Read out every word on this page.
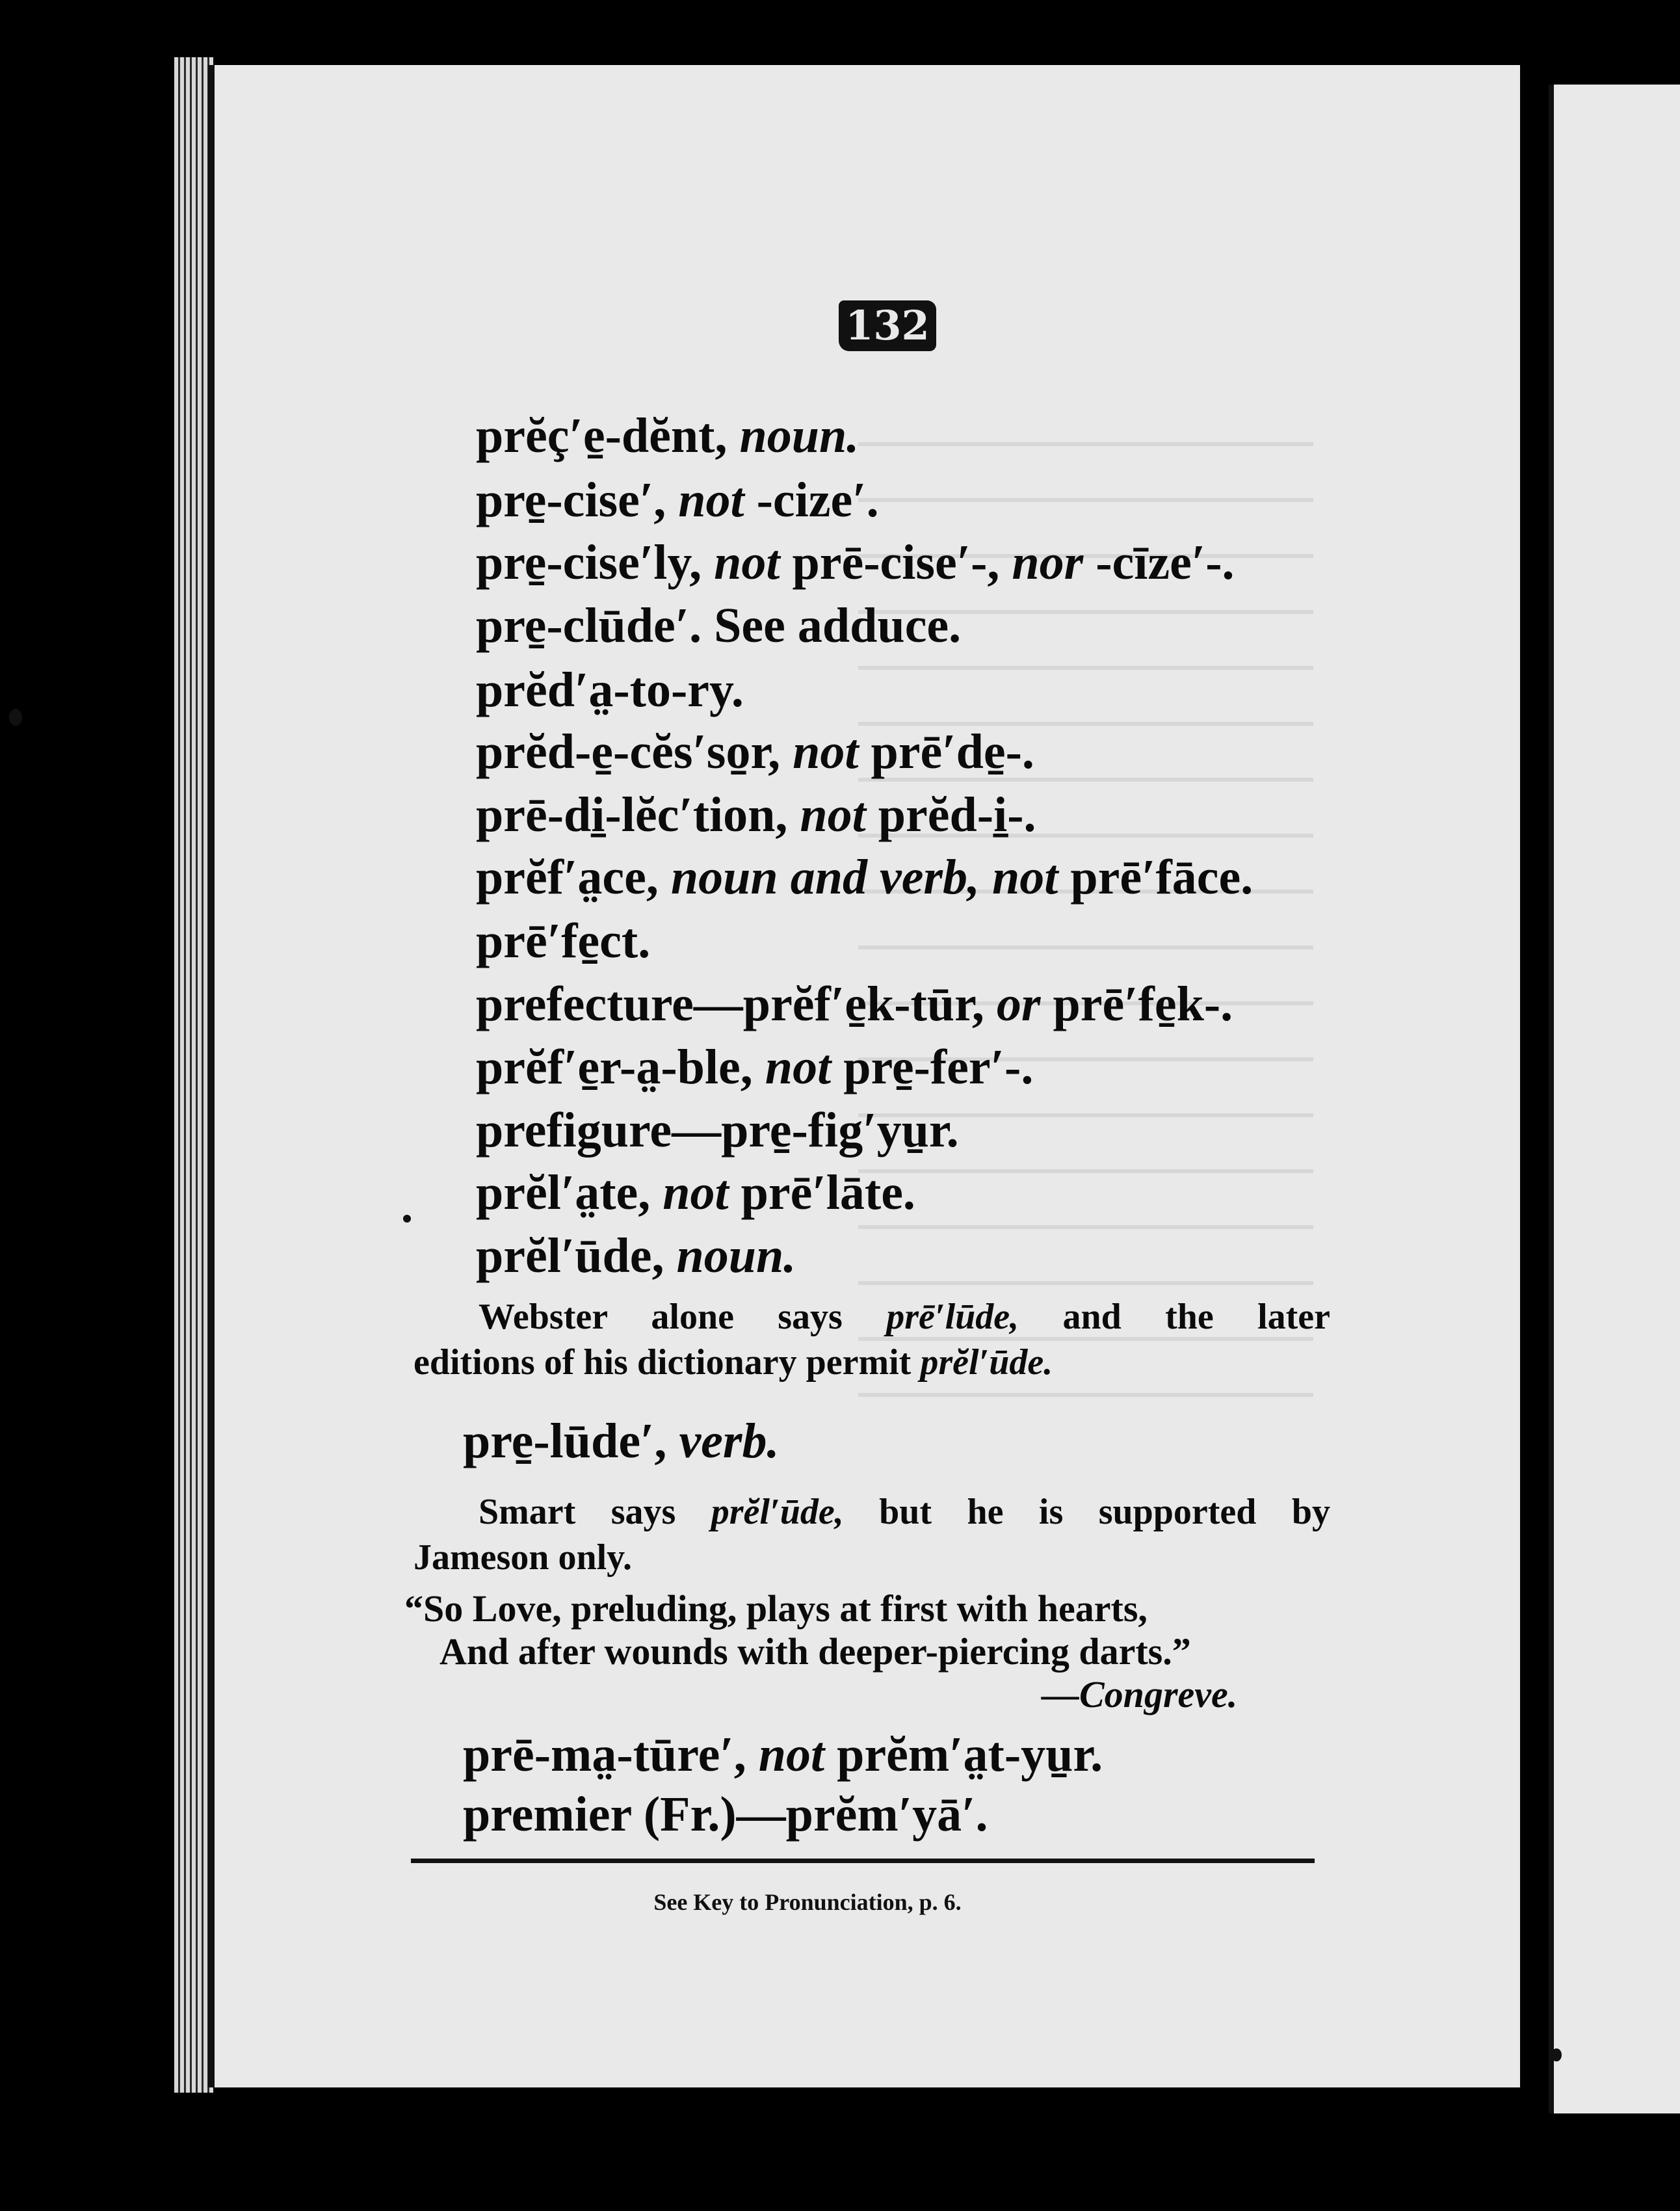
132
prĕç′e̱-dĕnt, noun.
pre̱-cise′, not -cize′.
pre̱-cise′ly, not prē-cise′-, nor -cīze′-.
pre̱-clūde′. See adduce.
prĕd′a̤-to-ry.
prĕd-e̱-cĕs′so̱r, not prē′de̱-.
prē-di̱-lĕc′tion, not prĕd-i̱-.
prĕf′a̤ce, noun and verb, not prē′fāce.
prē′fe̱ct.
prefecture—prĕf′e̱k-tūr, or prē′fe̱k-.
prĕf′e̱r-a̤-ble, not pre̱-fer′-.
prefigure—pre̱-fig′yu̱r.
prĕl′a̤te, not prē′lāte.
prĕl′ūde, noun.
Webster alone says prē′lūde, and the later
editions of his dictionary permit prĕl′ūde.
pre̱-lūde′, verb.
Smart says prĕl′ūde, but he is supported by
Jameson only.
“So Love, preluding, plays at first with hearts,
And after wounds with deeper-piercing darts.”
—Congreve.
prē-ma̤-tūre′, not prĕm′a̤t-yu̱r.
premier (Fr.)—prĕm′yā′.
See Key to Pronunciation, p. 6.
